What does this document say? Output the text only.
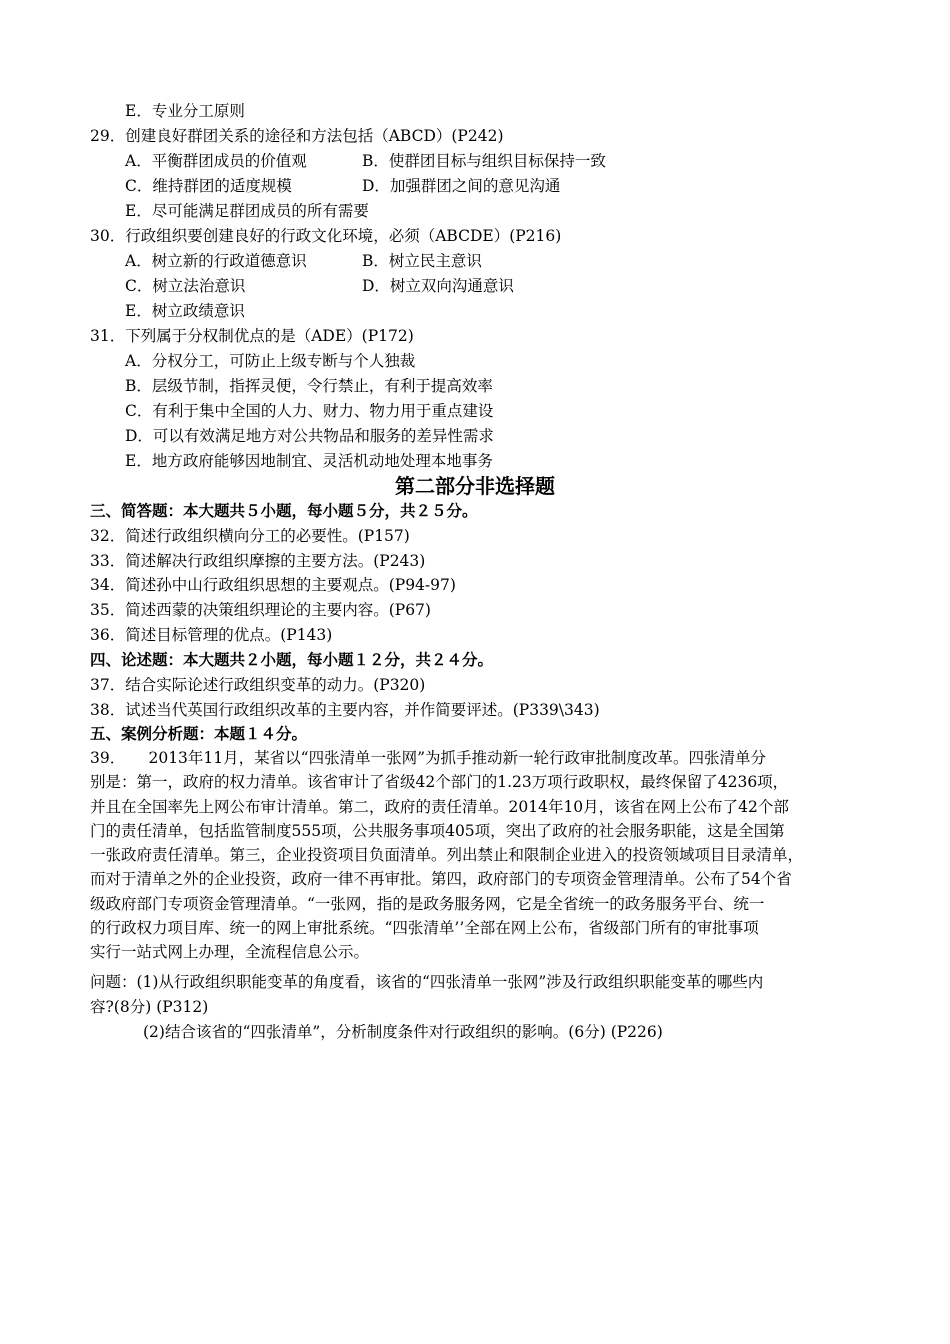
E．专业分工原则
29．创建良好群团关系的途径和方法包括（ABCD）(P242)
A．平衡群团成员的价值观	B．使群团目标与组织目标保持一致
C．维持群团的适度规模	D．加强群团之间的意见沟通
E．尽可能满足群团成员的所有需要
30．行政组织要创建良好的行政文化环境，必须（ABCDE）(P216)
A．树立新的行政道德意识	B．树立民主意识
C．树立法治意识	D．树立双向沟通意识
E．树立政绩意识
31．下列属于分权制优点的是（ADE）(P172)
A．分权分工，可防止上级专断与个人独裁
B．层级节制，指挥灵便，令行禁止，有利于提高效率
C．有利于集中全国的人力、财力、物力用于重点建设
D．可以有效满足地方对公共物品和服务的差异性需求
E．地方政府能够因地制宜、灵活机动地处理本地事务
第二部分非选择题
三、简答题：本大题共５小题，每小题５分，共２５分。
32．简述行政组织横向分工的必要性。(P157)
33．简述解决行政组织摩擦的主要方法。(P243)
34．简述孙中山行政组织思想的主要观点。(P94-97)
35．简述西蒙的决策组织理论的主要内容。(P67)
36．简述目标管理的优点。(P143)
四、论述题：本大题共２小题，每小题１２分，共２４分。
37．结合实际论述行政组织变革的动力。(P320)
38．试述当代英国行政组织改革的主要内容，并作简要评述。(P339\343)
五、案例分析题：本题１４分。
39．　　2013年11月，某省以“四张清单一张网”为抓手推动新一轮行政审批制度改革。四张清单分
别是：第一，政府的权力清单。该省审计了省级42个部门的1.23万项行政职权，最终保留了4236项，
并且在全国率先上网公布审计清单。第二，政府的责任清单。2014年10月，该省在网上公布了42个部
门的责任清单，包括监管制度555项，公共服务事项405项，突出了政府的社会服务职能，这是全国第
一张政府责任清单。第三，企业投资项目负面清单。列出禁止和限制企业进入的投资领域项目目录清单，
而对于清单之外的企业投资，政府一律不再审批。第四，政府部门的专项资金管理清单。公布了54个省
级政府部门专项资金管理清单。“一张网，指的是政务服务网，它是全省统一的政务服务平台、统一
的行政权力项目库、统一的网上审批系统。“四张清单’’全部在网上公布，省级部门所有的审批事项
实行一站式网上办理，全流程信息公示。
问题：(1)从行政组织职能变革的角度看，该省的“四张清单一张网”涉及行政组织职能变革的哪些内
容?(8分) (P312)
(2)结合该省的“四张清单”，分析制度条件对行政组织的影响。(6分) (P226)
